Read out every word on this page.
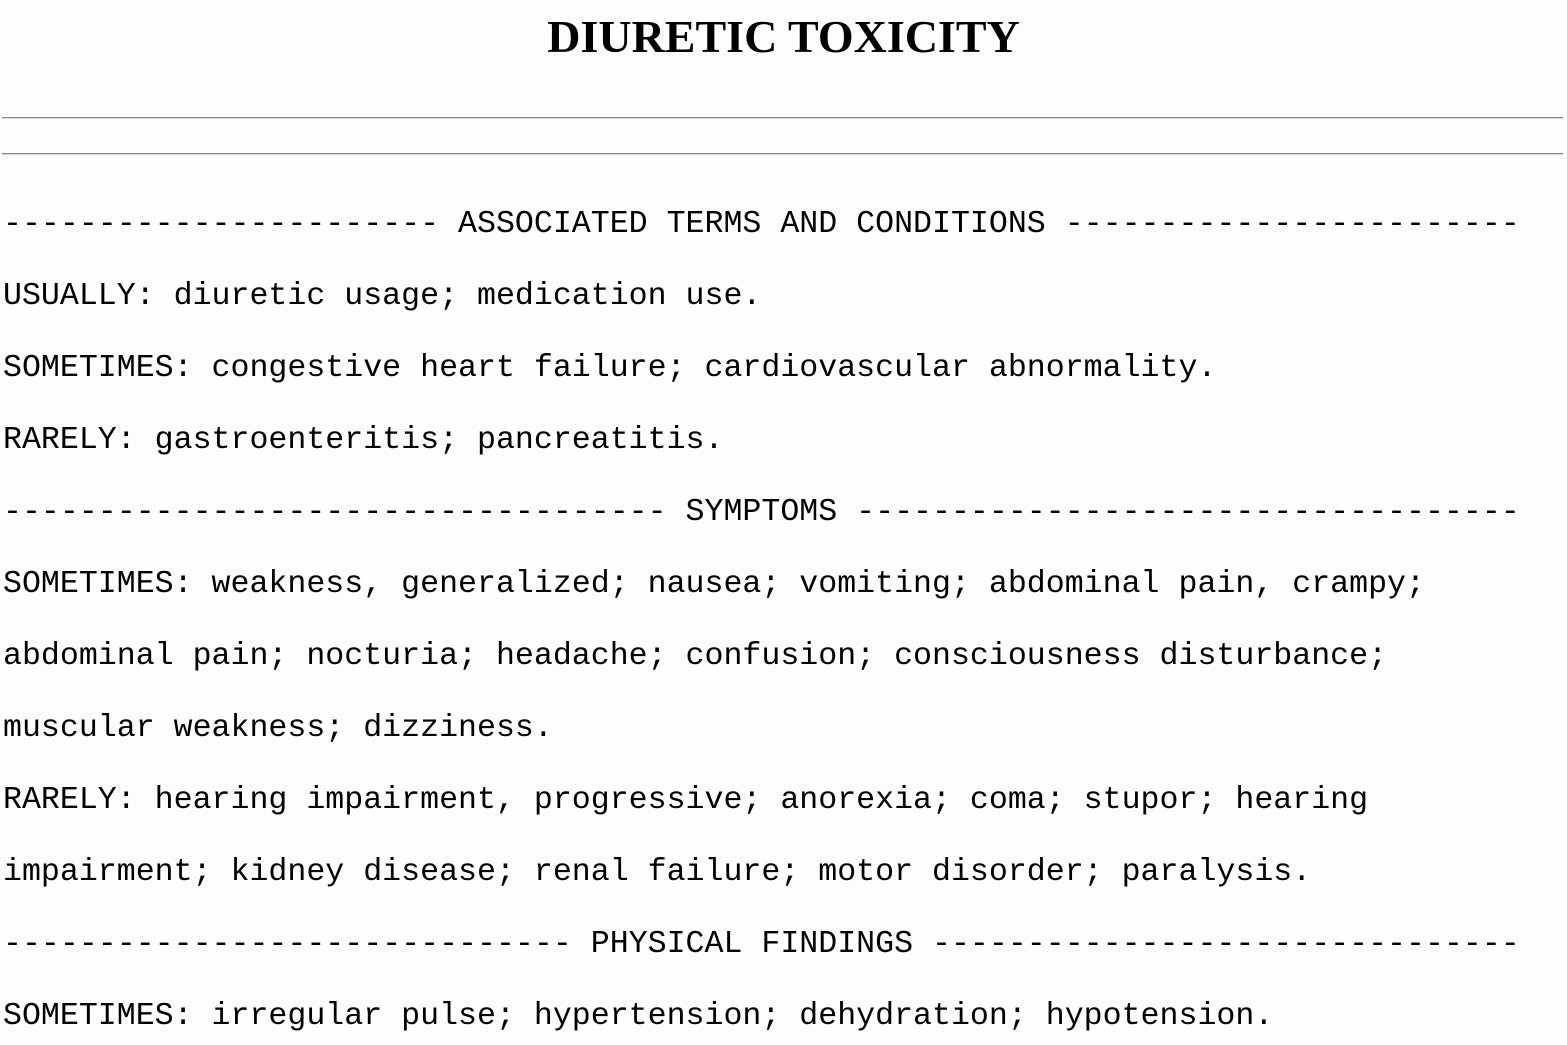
DIURETIC TOXICITY

----------------------- ASSOCIATED TERMS AND CONDITIONS ------------------------

USUALLY: diuretic usage; medication use.

SOMETIMES: congestive heart failure; cardiovascular abnormality.

RARELY: gastroenteritis; pancreatitis.

----------------------------------- SYMPTOMS -----------------------------------

SOMETIMES: weakness, generalized; nausea; vomiting; abdominal pain, crampy;

abdominal pain; nocturia; headache; confusion; consciousness disturbance;

muscular weakness; dizziness.

RARELY: hearing impairment, progressive; anorexia; coma; stupor; hearing

impairment; kidney disease; renal failure; motor disorder; paralysis.

------------------------------ PHYSICAL FINDINGS -------------------------------

SOMETIMES: irregular pulse; hypertension; dehydration; hypotension.
